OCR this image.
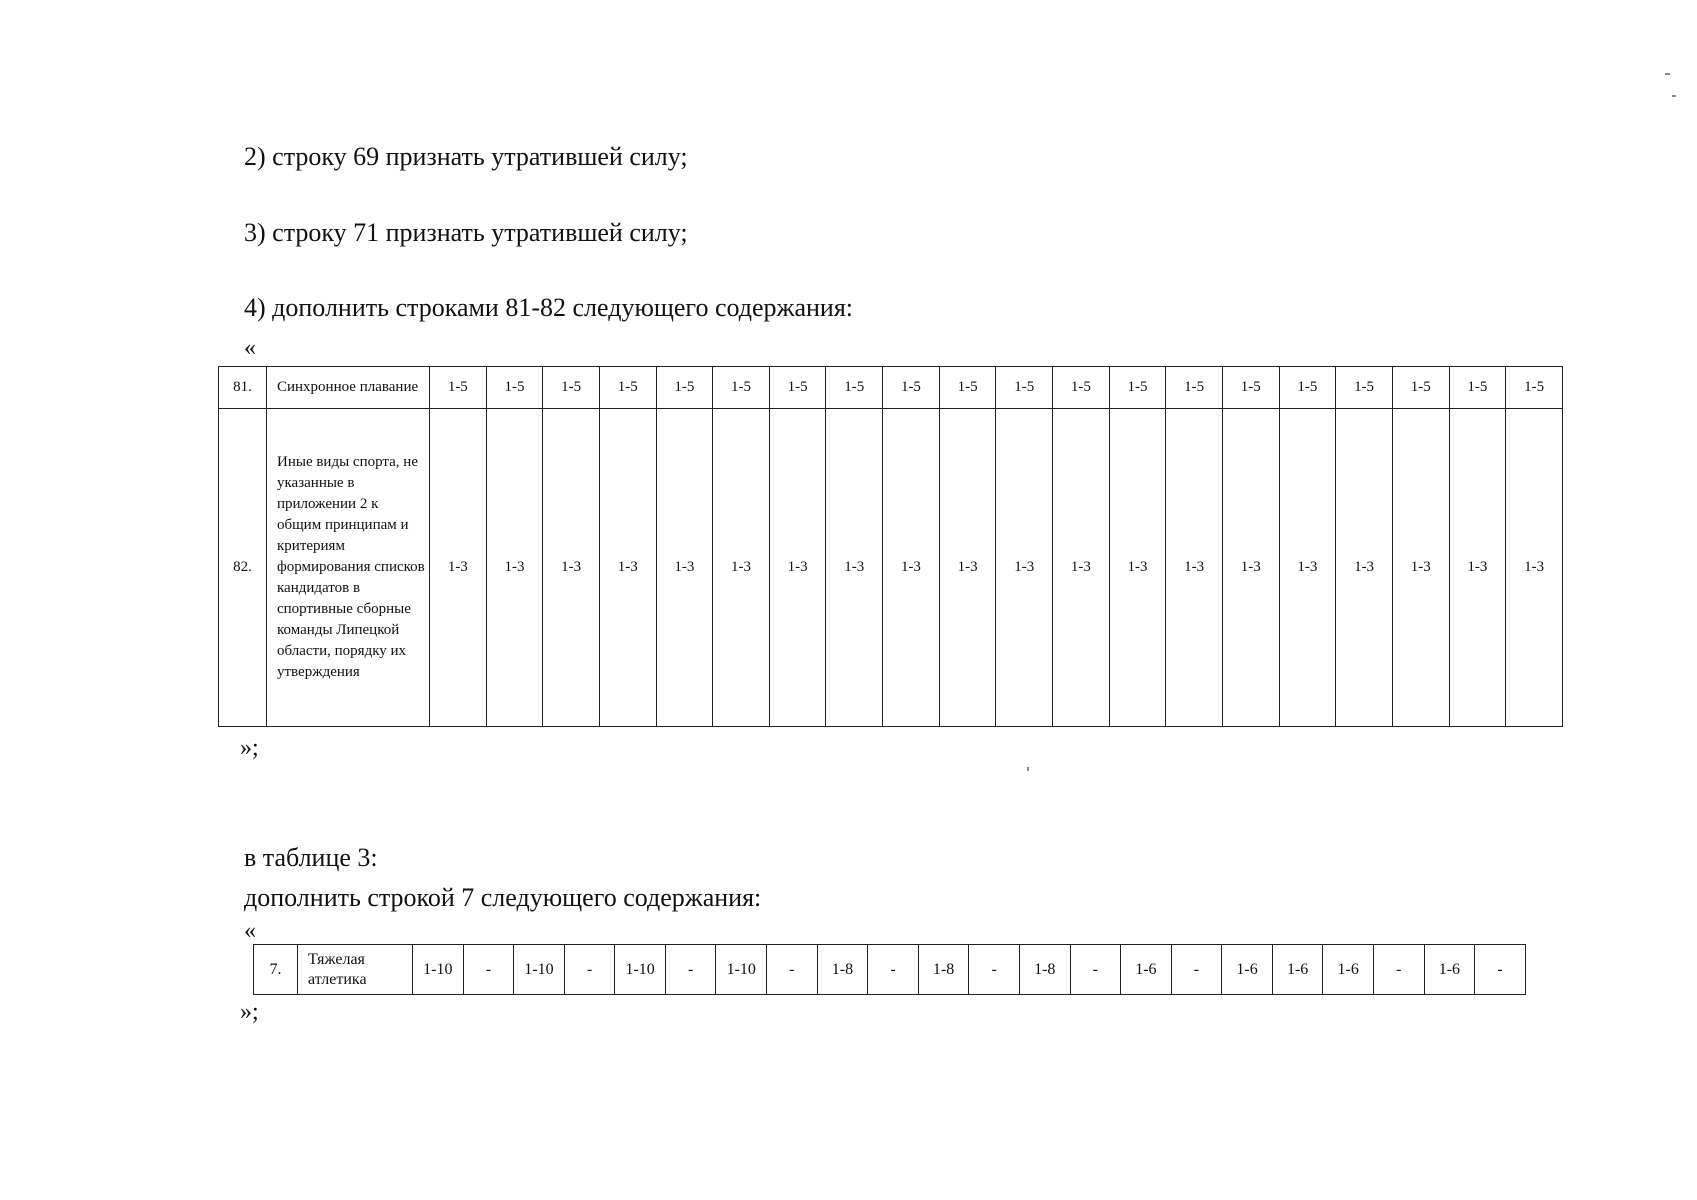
2) строку 69 признать утратившей силу;
3) строку 71 признать утратившей силу;
4) дополнить строками 81-82 следующего содержания:
«
81.	Синхронное плавание	1-5	1-5	1-5	1-5	1-5	1-5	1-5	1-5	1-5	1-5	1-5	1-5	1-5	1-5	1-5	1-5	1-5	1-5	1-5	1-5
82.	Иные виды спорта, не указанные в приложении 2 к общим принципам и критериям формирования списков кандидатов в спортивные сборные команды Липецкой области, порядку их утверждения	1-3	1-3	1-3	1-3	1-3	1-3	1-3	1-3	1-3	1-3	1-3	1-3	1-3	1-3	1-3	1-3	1-3	1-3	1-3	1-3
»;
в таблице 3:
дополнить строкой 7 следующего содержания:
«
7.	Тяжелая атлетика	1-10	-	1-10	-	1-10	-	1-10	-	1-8	-	1-8	-	1-8	-	1-6	-	1-6	1-6	1-6	-	1-6	-
»;
